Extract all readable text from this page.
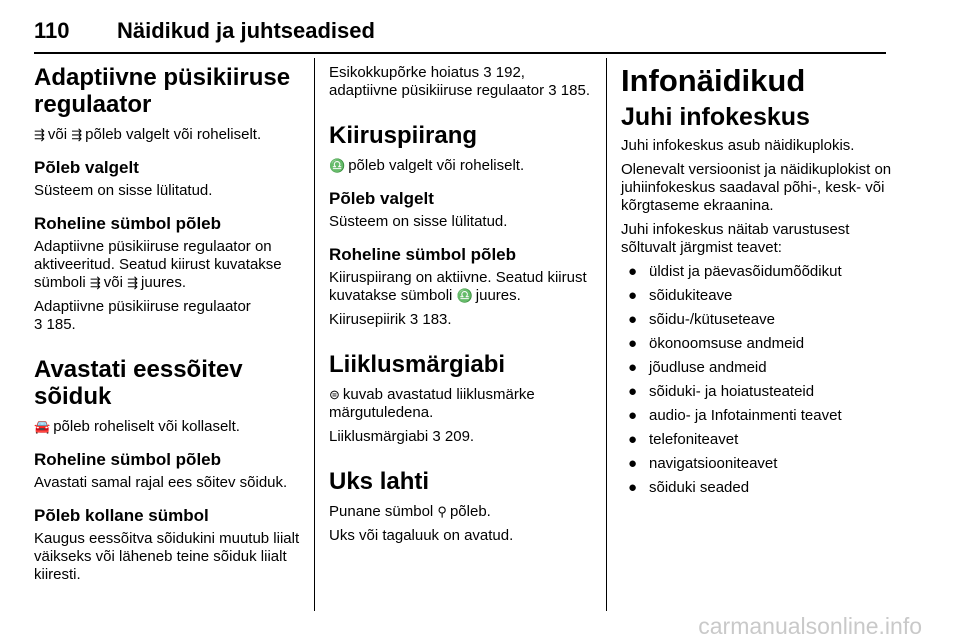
110 Näidikud ja juhtseadised
Adaptiivne püsikiiruse regulaator

⇶ või ⇶ põleb valgelt või roheliselt.

Põleb valgelt

Süsteem on sisse lülitatud.

Roheline sümbol põleb

Adaptiivne püsikiiruse regulaator on aktiveeritud. Seatud kiirust kuvatakse sümboli ⇶ või ⇶ juures.

Adaptiivne püsikiiruse regulaator
3 185.

Avastati eessõitev sõiduk

🚘 põleb roheliselt või kollaselt.

Roheline sümbol põleb

Avastati samal rajal ees sõitev sõiduk.

Põleb kollane sümbol

Kaugus eessõitva sõidukini muutub liialt väikseks või läheneb teine sõiduk liialt kiiresti.

Esikokkupõrke hoiatus 3 192, adaptiivne püsikiiruse regulaator 3 185.

Kiiruspiirang

♎ põleb valgelt või roheliselt.

Põleb valgelt

Süsteem on sisse lülitatud.

Roheline sümbol põleb

Kiiruspiirang on aktiivne. Seatud kiirust kuvatakse sümboli ♎ juures.

Kiirusepiirik 3 183.

Liiklusmärgiabi

⊜ kuvab avastatud liiklusmärke märgutuledena.

Liiklusmärgiabi 3 209.

Uks lahti

Punane sümbol ⚲ põleb.

Uks või tagaluuk on avatud.

Infonäidikud
Juhi infokeskus

Juhi infokeskus asub näidikuplokis.

Olenevalt versioonist ja näidikuplokist on juhiinfokeskus saadaval põhi-, kesk- või kõrgtaseme ekraanina.

Juhi infokeskus näitab varustusest sõltuvalt järgmist teavet:

● üldist ja päevasõidumõõdikut
● sõidukiteave
● sõidu-/kütuseteave
● ökonoomsuse andmeid
● jõudluse andmeid
● sõiduki- ja hoiatusteateid
● audio- ja Infotainmenti teavet
● telefoniteavet
● navigatsiooniteavet
● sõiduki seaded
carmanualsonline.info
